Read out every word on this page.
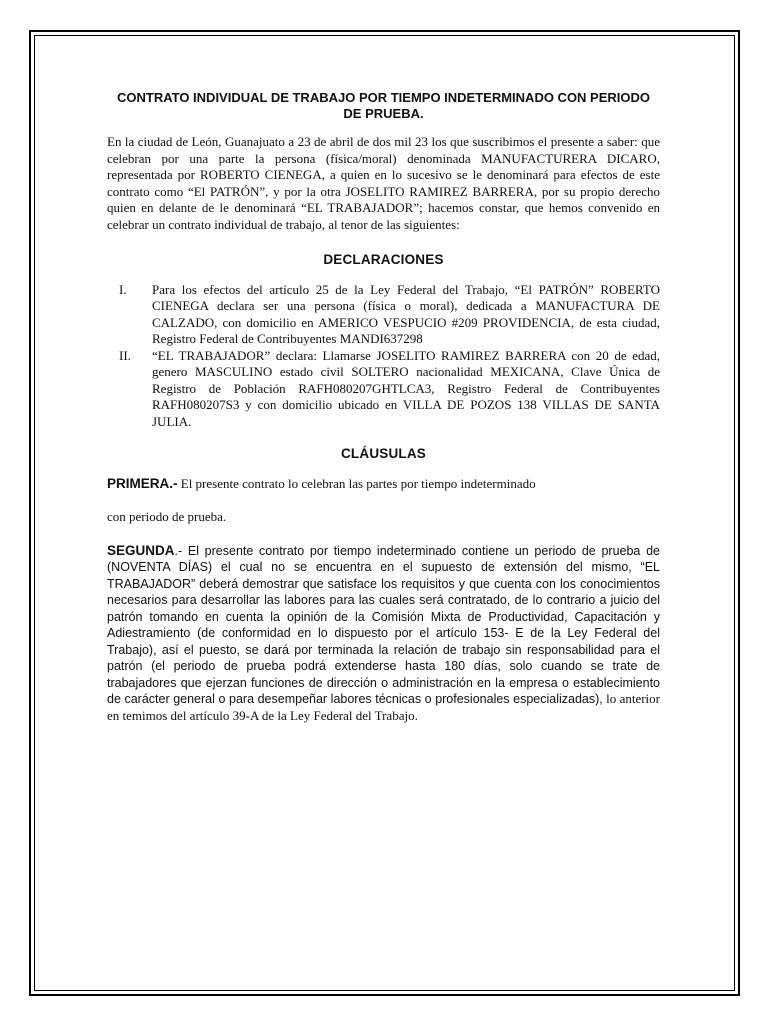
CONTRATO INDIVIDUAL DE TRABAJO POR TIEMPO INDETERMINADO CON PERIODO DE PRUEBA.

En la ciudad de León, Guanajuato a 23 de abril de dos mil 23 los que suscribimos el presente a saber: que celebran por una parte la persona (física/moral) denominada MANUFACTURERA DICARO, representada por ROBERTO CIENEGA, a quien en lo sucesivo se le denominará para efectos de este contrato como “El PATRÓN”, y por la otra JOSELITO RAMIREZ BARRERA, por su propio derecho quien en delante de le denominará “EL TRABAJADOR”; hacemos constar, que hemos convenido en celebrar un contrato individual de trabajo, al tenor de las siguientes:

DECLARACIONES
I.	Para los efectos del artículo 25 de la Ley Federal del Trabajo, “El PATRÓN” ROBERTO CIENEGA declara ser una persona (física o moral), dedicada a MANUFACTURA DE CALZADO, con domicilio en AMERICO VESPUCIO #209 PROVIDENCIA, de esta ciudad, Registro Federal de Contribuyentes MANDI637298
II.	“EL TRABAJADOR” declara: Llamarse JOSELITO RAMIREZ BARRERA con 20 de edad, genero MASCULINO estado civil SOLTERO nacionalidad MEXICANA, Clave Única de Registro de Población RAFH080207GHTLCA3, Registro Federal de Contribuyentes RAFH080207S3 y con domicilio ubicado en VILLA DE POZOS 138 VILLAS DE SANTA JULIA.
CLÁUSULAS

PRIMERA.- El presente contrato lo celebran las partes por tiempo indeterminado

con periodo de prueba.

SEGUNDA.- El presente contrato por tiempo indeterminado contiene un periodo de prueba de (NOVENTA DÍAS) el cual no se encuentra en el supuesto de extensión del mismo, “EL TRABAJADOR” deberá demostrar que satisface los requisitos y que cuenta con los conocimientos necesarios para desarrollar las labores para las cuales será contratado, de lo contrario a juicio del patrón tomando en cuenta la opinión de la Comisión Mixta de Productividad, Capacitación y Adiestramiento (de conformidad en lo dispuesto por el artículo 153- E de la Ley Federal del Trabajo), así el puesto, se dará por terminada la relación de trabajo sin responsabilidad para el patrón (el periodo de prueba podrá extenderse hasta 180 días, solo cuando se trate de trabajadores que ejerzan funciones de dirección o administración en la empresa o establecimiento de carácter general o para desempeñar labores técnicas o profesionales especializadas), lo anterior en temimos del artículo 39-A de la Ley Federal del Trabajo.
